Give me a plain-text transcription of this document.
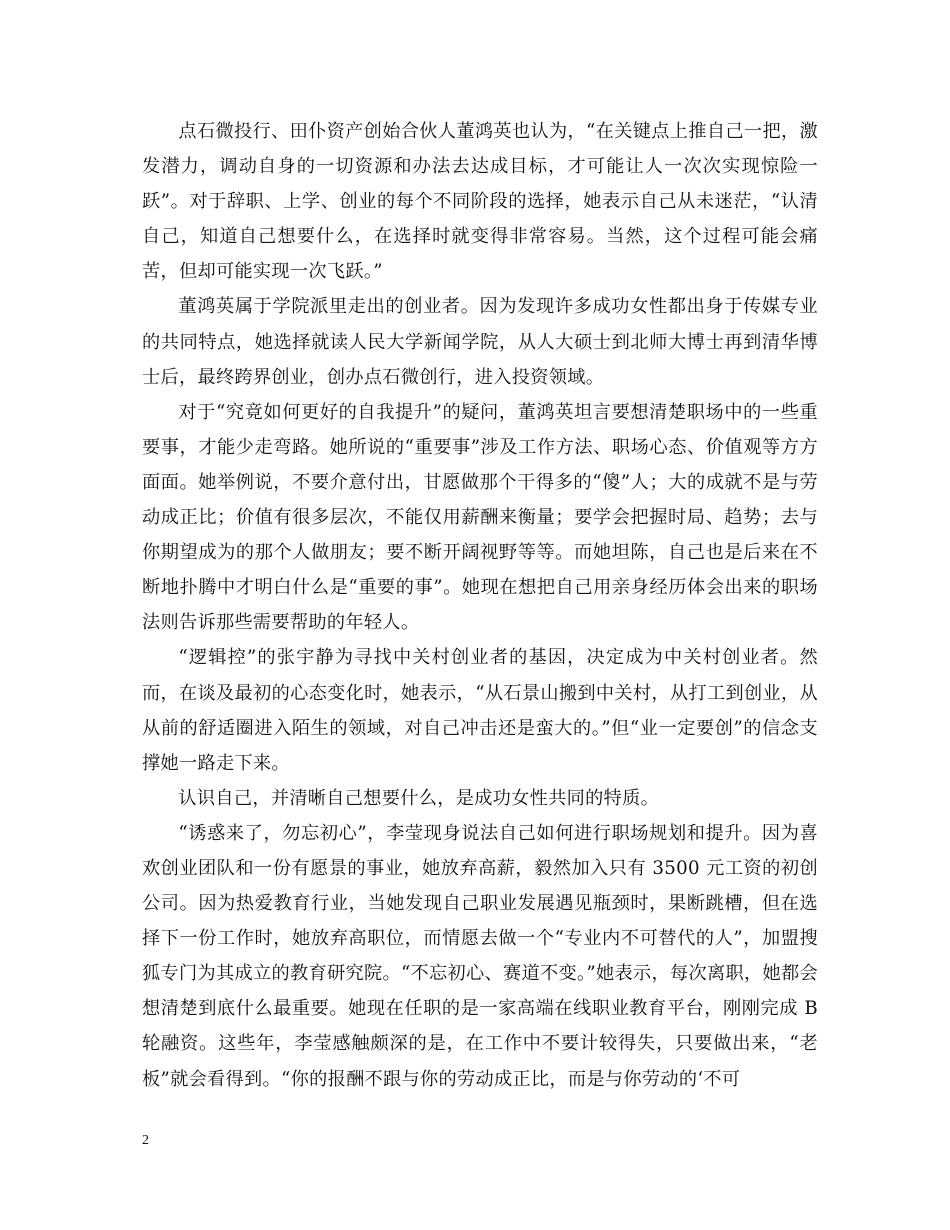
点石微投行、田仆资产创始合伙人董鸿英也认为，“在关键点上推自己一把，激发潜力，调动自身的一切资源和办法去达成目标，才可能让人一次次实现惊险一跃”。对于辞职、上学、创业的每个不同阶段的选择，她表示自己从未迷茫，“认清自己，知道自己想要什么，在选择时就变得非常容易。当然，这个过程可能会痛苦，但却可能实现一次飞跃。”

董鸿英属于学院派里走出的创业者。因为发现许多成功女性都出身于传媒专业的共同特点，她选择就读人民大学新闻学院，从人大硕士到北师大博士再到清华博士后，最终跨界创业，创办点石微创行，进入投资领域。

对于“究竟如何更好的自我提升”的疑问，董鸿英坦言要想清楚职场中的一些重要事，才能少走弯路。她所说的“重要事”涉及工作方法、职场心态、价值观等方方面面。她举例说，不要介意付出，甘愿做那个干得多的“傻”人；大的成就不是与劳动成正比；价值有很多层次，不能仅用薪酬来衡量；要学会把握时局、趋势；去与你期望成为的那个人做朋友；要不断开阔视野等等。而她坦陈，自己也是后来在不断地扑腾中才明白什么是“重要的事”。她现在想把自己用亲身经历体会出来的职场法则告诉那些需要帮助的年轻人。

“逻辑控”的张宇静为寻找中关村创业者的基因，决定成为中关村创业者。然而，在谈及最初的心态变化时，她表示，“从石景山搬到中关村，从打工到创业，从从前的舒适圈进入陌生的领域，对自己冲击还是蛮大的。”但“业一定要创”的信念支撑她一路走下来。

认识自己，并清晰自己想要什么，是成功女性共同的特质。

“诱惑来了，勿忘初心”，李莹现身说法自己如何进行职场规划和提升。因为喜欢创业团队和一份有愿景的事业，她放弃高薪，毅然加入只有 3500 元工资的初创公司。因为热爱教育行业，当她发现自己职业发展遇见瓶颈时，果断跳槽，但在选择下一份工作时，她放弃高职位，而情愿去做一个“专业内不可替代的人”，加盟搜狐专门为其成立的教育研究院。“不忘初心、赛道不变。”她表示，每次离职，她都会想清楚到底什么最重要。她现在任职的是一家高端在线职业教育平台，刚刚完成 B 轮融资。这些年，李莹感触颇深的是，在工作中不要计较得失，只要做出来，“老板”就会看得到。“你的报酬不跟与你的劳动成正比，而是与你劳动的‘不可

2
